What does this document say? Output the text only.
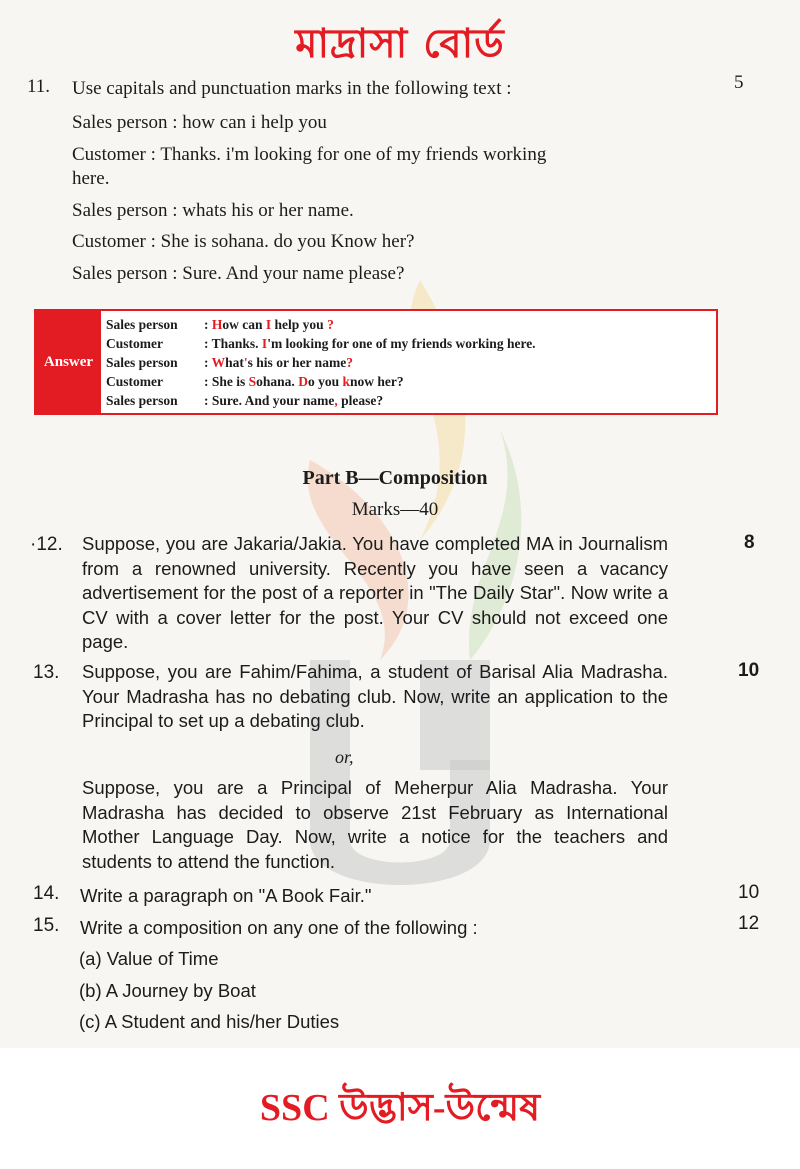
মাদ্রাসা বোর্ড
11. Use capitals and punctuation marks in the following text :	5
Sales person : how can i help you
Customer : Thanks. i'm looking for one of my friends working
here.
Sales person : whats his or her name.
Customer : She is sohana. do you Know her?
Sales person : Sure. And your name please?
Answer
Sales person : How can I help you ?
Customer	: Thanks. I'm looking for one of my friends working here.
Sales person : What's his or her name?
Customer	: She is Sohana. Do you know her?
Sales person : Sure. And your name, please?
Part B—Composition
Marks—40
·12. Suppose, you are Jakaria/Jakia. You have completed MA in Journalism from a renowned university. Recently you have seen a vacancy advertisement for the post of a reporter in "The Daily Star". Now write a CV with a cover letter for the post. Your CV should not exceed one page.
8
13. Suppose, you are Fahim/Fahima, a student of Barisal Alia Madrasha. Your Madrasha has no debating club. Now, write an application to the Principal to set up a debating club.
10
or,
Suppose, you are a Principal of Meherpur Alia Madrasha. Your Madrasha has decided to observe 21st February as International Mother Language Day. Now, write a notice for the teachers and students to attend the function.
14. Write a paragraph on "A Book Fair."	10
15. Write a composition on any one of the following :	12
(a) Value of Time
(b) A Journey by Boat
(c) A Student and his/her Duties
SSC উদ্ভাস-উন্মেষ
